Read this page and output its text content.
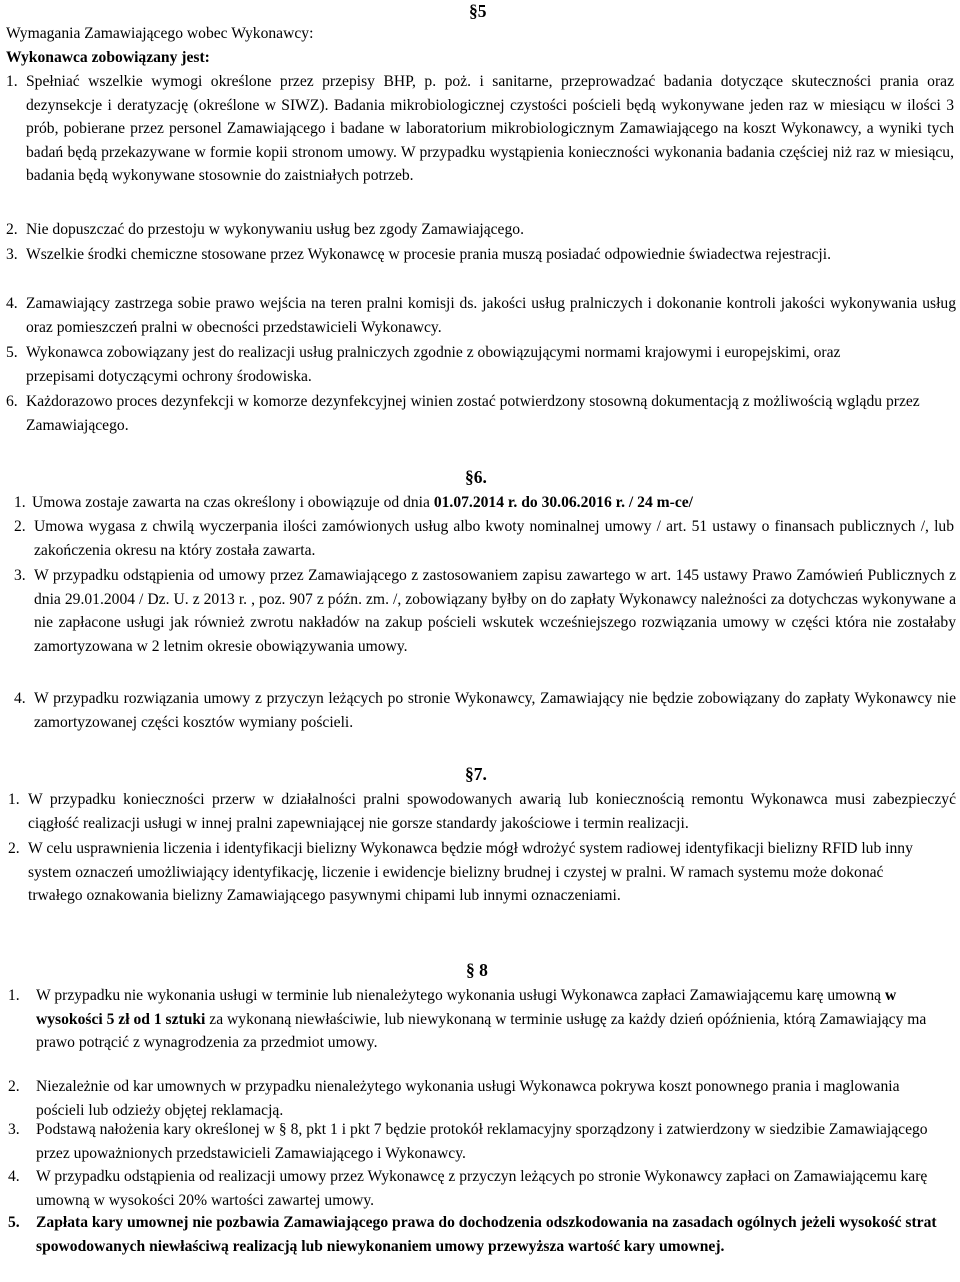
§5
Wymagania Zamawiającego wobec Wykonawcy:
Wykonawca zobowiązany jest:
1. Spełniać wszelkie wymogi określone przez przepisy BHP, p. poż. i sanitarne, przeprowadzać badania dotyczące skuteczności prania oraz dezynsekcje i deratyzację (określone w SIWZ). Badania mikrobiologicznej czystości pościeli będą wykonywane jeden raz w miesiącu w ilości 3 prób, pobierane przez personel Zamawiającego i badane w laboratorium mikrobiologicznym Zamawiającego na koszt Wykonawcy, a wyniki tych badań będą przekazywane w formie kopii stronom umowy. W przypadku wystąpienia konieczności wykonania badania częściej niż raz w miesiącu, badania będą wykonywane stosownie do zaistniałych potrzeb.
2. Nie dopuszczać do przestoju w wykonywaniu usług bez zgody Zamawiającego.
3. Wszelkie środki chemiczne stosowane przez Wykonawcę w procesie prania muszą posiadać odpowiednie świadectwa rejestracji.
4. Zamawiający zastrzega sobie prawo wejścia na teren pralni komisji ds. jakości usług pralniczych i dokonanie kontroli jakości wykonywania usług oraz pomieszczeń pralni w obecności przedstawicieli Wykonawcy.
5. Wykonawca zobowiązany jest do realizacji usług pralniczych zgodnie z obowiązującymi normami krajowymi i europejskimi, oraz przepisami dotyczącymi ochrony środowiska.
6. Każdorazowo proces dezynfekcji w komorze dezynfekcyjnej winien zostać potwierdzony stosowną dokumentacją z możliwością wglądu przez Zamawiającego.
§6.
1. Umowa zostaje zawarta na czas określony i obowiązuje od dnia 01.07.2014 r. do 30.06.2016 r. / 24 m-ce/
2. Umowa wygasa z chwilą wyczerpania ilości zamówionych usług albo kwoty nominalnej umowy / art. 51 ustawy o finansach publicznych /, lub zakończenia okresu na który została zawarta.
3. W przypadku odstąpienia od umowy przez Zamawiającego z zastosowaniem zapisu zawartego w art. 145 ustawy Prawo Zamówień Publicznych z dnia 29.01.2004 / Dz. U. z 2013 r. , poz. 907 z późn. zm. /, zobowiązany byłby on do zapłaty Wykonawcy należności za dotychczas wykonywane a nie zapłacone usługi jak również zwrotu nakładów na zakup pościeli wskutek wcześniejszego rozwiązania umowy w części która nie zostałaby zamortyzowana w 2 letnim okresie obowiązywania umowy.
4. W przypadku rozwiązania umowy z przyczyn leżących po stronie Wykonawcy, Zamawiający nie będzie zobowiązany do zapłaty Wykonawcy nie zamortyzowanej części kosztów wymiany pościeli.
§7.
1. W przypadku konieczności przerw w działalności pralni spowodowanych awarią lub koniecznością remontu Wykonawca musi zabezpieczyć ciągłość realizacji usługi w innej pralni zapewniającej nie gorsze standardy jakościowe i termin realizacji.
2. W celu usprawnienia liczenia i identyfikacji bielizny Wykonawca będzie mógł wdrożyć system radiowej identyfikacji bielizny RFID lub inny system oznaczeń umożliwiający identyfikację, liczenie i ewidencje bielizny brudnej i czystej w pralni. W ramach systemu może dokonać trwałego oznakowania bielizny Zamawiającego pasywnymi chipami lub innymi oznaczeniami.
§ 8
1. W przypadku nie wykonania usługi w terminie lub nienależytego wykonania usługi Wykonawca zapłaci Zamawiającemu karę umowną w wysokości 5 zł od 1 sztuki za wykonaną niewłaściwie, lub niewykonaną w terminie usługę za każdy dzień opóźnienia, którą Zamawiający ma prawo potrącić z wynagrodzenia za przedmiot umowy.
2. Niezależnie od kar umownych w przypadku nienależytego wykonania usługi Wykonawca pokrywa koszt ponownego prania i maglowania pościeli lub odzieży objętej reklamacją.
3. Podstawą nałożenia kary określonej w § 8, pkt 1 i pkt 7 będzie protokół reklamacyjny sporządzony i zatwierdzony w siedzibie Zamawiającego przez upoważnionych przedstawicieli Zamawiającego i Wykonawcy.
4. W przypadku odstąpienia od realizacji umowy przez Wykonawcę z przyczyn leżących po stronie Wykonawcy zapłaci on Zamawiającemu karę umowną w wysokości 20% wartości zawartej umowy.
5. Zapłata kary umownej nie pozbawia Zamawiającego prawa do dochodzenia odszkodowania na zasadach ogólnych jeżeli wysokość strat spowodowanych niewłaściwą realizacją lub niewykonaniem umowy przewyższa wartość kary umownej.
